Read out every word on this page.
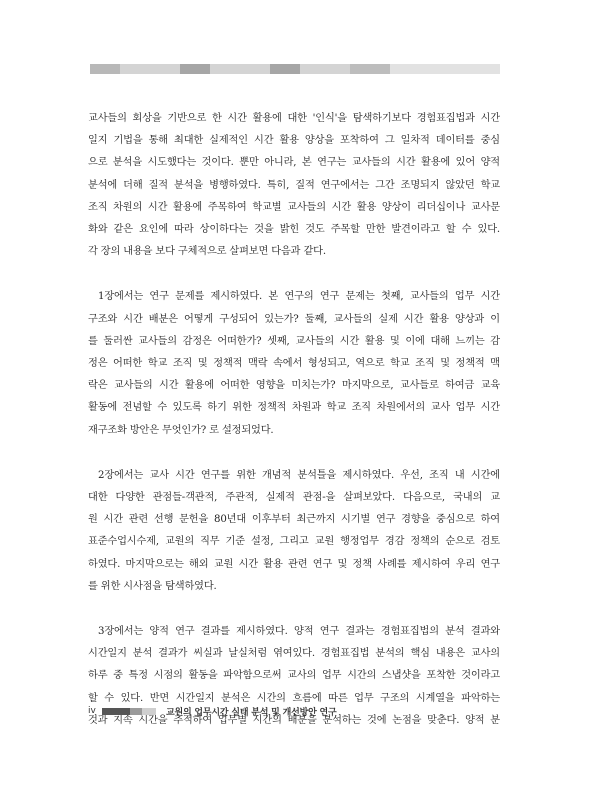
교사들의 회상을 기반으로 한 시간 활용에 대한 '인식'을 탐색하기보다 경험표집법과 시간
일지 기법을 통해 최대한 실제적인 시간 활용 양상을 포착하여 그 일차적 데이터를 중심
으로 분석을 시도했다는 것이다. 뿐만 아니라, 본 연구는 교사들의 시간 활용에 있어 양적
분석에 더해 질적 분석을 병행하였다. 특히, 질적 연구에서는 그간 조명되지 않았던 학교
조직 차원의 시간 활용에 주목하여 학교별 교사들의 시간 활용 양상이 리더십이나 교사문
화와 같은 요인에 따라 상이하다는 것을 밝힌 것도 주목할 만한 발견이라고 할 수 있다.
각 장의 내용을 보다 구체적으로 살펴보면 다음과 같다.

1장에서는 연구 문제를 제시하였다. 본 연구의 연구 문제는 첫째, 교사들의 업무 시간
구조와 시간 배분은 어떻게 구성되어 있는가? 둘째, 교사들의 실제 시간 활용 양상과 이
를 둘러싼 교사들의 감정은 어떠한가? 셋째, 교사들의 시간 활용 및 이에 대해 느끼는 감
정은 어떠한 학교 조직 및 정책적 맥락 속에서 형성되고, 역으로 학교 조직 및 정책적 맥
락은 교사들의 시간 활용에 어떠한 영향을 미치는가? 마지막으로, 교사들로 하여금 교육
활동에 전념할 수 있도록 하기 위한 정책적 차원과 학교 조직 차원에서의 교사 업무 시간
재구조화 방안은 무엇인가? 로 설정되었다.

2장에서는 교사 시간 연구를 위한 개념적 분석틀을 제시하였다. 우선, 조직 내 시간에
대한 다양한 관점들-객관적, 주관적, 실제적 관점-을 살펴보았다. 다음으로, 국내의 교
원 시간 관련 선행 문헌을 80년대 이후부터 최근까지 시기별 연구 경향을 중심으로 하여
표준수업시수제, 교원의 직무 기준 설정, 그리고 교원 행정업무 경감 정책의 순으로 검토
하였다. 마지막으로는 해외 교원 시간 활용 관련 연구 및 정책 사례를 제시하여 우리 연구
를 위한 시사점을 탐색하였다.

3장에서는 양적 연구 결과를 제시하였다. 양적 연구 결과는 경험표집법의 분석 결과와
시간일지 분석 결과가 씨실과 날실처럼 엮여있다. 경험표집법 분석의 핵심 내용은 교사의
하루 중 특정 시점의 활동을 파악함으로써 교사의 업무 시간의 스냅샷을 포착한 것이라고
할 수 있다. 반면 시간일지 분석은 시간의 흐름에 따른 업무 구조의 시계열을 파악하는
것과 지속 시간을 추적하여 업무별 시간의 배분을 분석하는 것에 논점을 맞춘다. 양적 분

iv	교원의 업무시간 실태 분석 및 개선방안 연구
